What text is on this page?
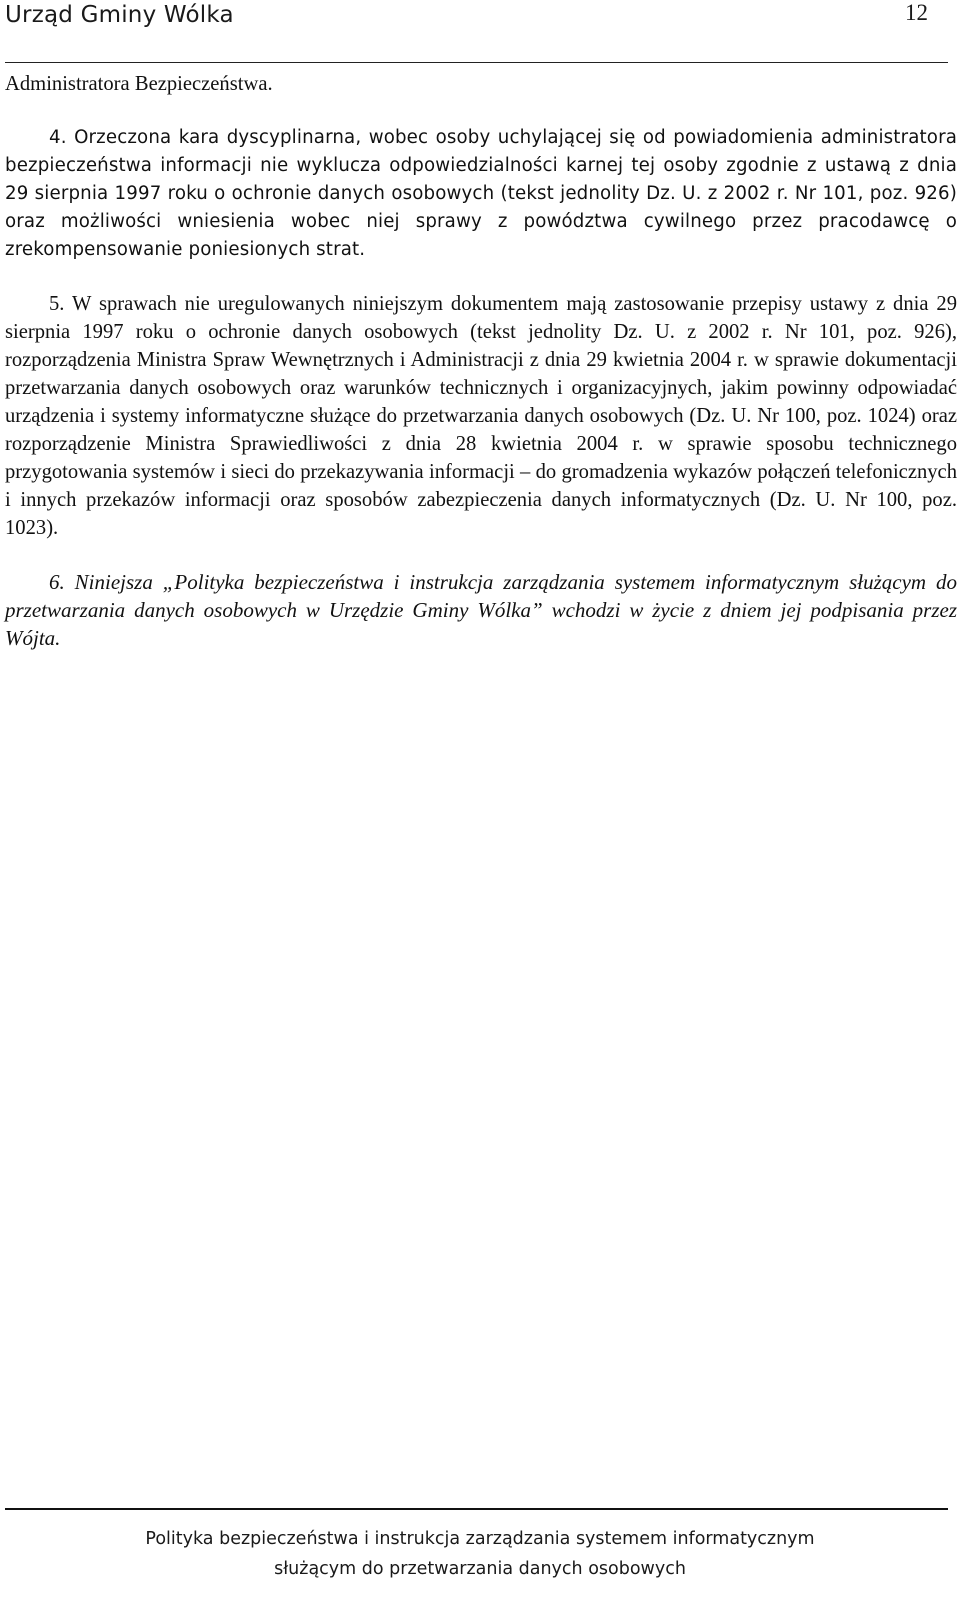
Urząd Gminy Wólka	12

Administratora Bezpieczeństwa.

4. Orzeczona kara dyscyplinarna, wobec osoby uchylającej się od powiadomienia administratora bezpieczeństwa informacji nie wyklucza odpowiedzialności karnej tej osoby zgodnie z ustawą z dnia 29 sierpnia 1997 roku o ochronie danych osobowych (tekst jednolity Dz. U. z 2002 r. Nr 101, poz. 926) oraz możliwości wniesienia wobec niej sprawy z powództwa cywilnego przez pracodawcę o zrekompensowanie poniesionych strat.

5. W sprawach nie uregulowanych niniejszym dokumentem mają zastosowanie przepisy ustawy z dnia 29 sierpnia 1997 roku o ochronie danych osobowych (tekst jednolity Dz. U. z 2002 r. Nr 101, poz. 926), rozporządzenia Ministra Spraw Wewnętrznych i Administracji z dnia 29 kwietnia 2004 r. w sprawie dokumentacji przetwarzania danych osobowych oraz warunków technicznych i organizacyjnych, jakim powinny odpowiadać urządzenia i systemy informatyczne służące do przetwarzania danych osobowych (Dz. U. Nr 100, poz. 1024) oraz rozporządzenie Ministra Sprawiedliwości z dnia 28 kwietnia 2004 r. w sprawie sposobu technicznego przygotowania systemów i sieci do przekazywania informacji – do gromadzenia wykazów połączeń telefonicznych i innych przekazów informacji oraz sposobów zabezpieczenia danych informatycznych (Dz. U. Nr 100, poz. 1023).

6. Niniejsza „Polityka bezpieczeństwa i instrukcja zarządzania systemem informatycznym służącym do przetwarzania danych osobowych w Urzędzie Gminy Wólka” wchodzi w życie z dniem jej podpisania przez Wójta.

Polityka bezpieczeństwa i instrukcja zarządzania systemem informatycznym
służącym do przetwarzania danych osobowych
